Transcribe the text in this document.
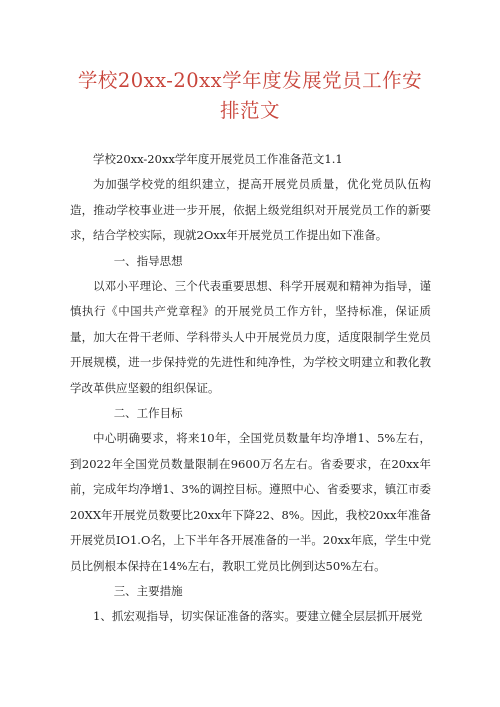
学校20xx-20xx学年度发展党员工作安排范文

学校20xx-20xx学年度开展党员工作准备范文1.1

为加强学校党的组织建立，提高开展党员质量，优化党员队伍构造，推动学校事业进一步开展，依据上级党组织对开展党员工作的新要求，结合学校实际，现就2Oxx年开展党员工作提出如下准备。

一、指导思想

以邓小平理论、三个代表重要思想、科学开展观和精神为指导，谨慎执行《中国共产党章程》的开展党员工作方针，坚持标准，保证质量，加大在骨干老师、学科带头人中开展党员力度，适度限制学生党员开展规模，进一步保持党的先进性和纯净性，为学校文明建立和教化教学改革供应坚毅的组织保证。

二、工作目标

中心明确要求，将来10年，全国党员数量年均净增1、5%左右，到2022年全国党员数量限制在9600万名左右。省委要求，在20xx年前，完成年均净增1、3%的调控目标。遵照中心、省委要求，镇江市委20XX年开展党员数要比20xx年下降22、8%。因此，我校20xx年准备开展党员IO1.O名，上下半年各开展准备的一半。20xx年底，学生中党员比例根本保持在14%左右，教职工党员比例到达50%左右。

三、主要措施

1、抓宏观指导，切实保证准备的落实。要建立健全层层抓开展党
